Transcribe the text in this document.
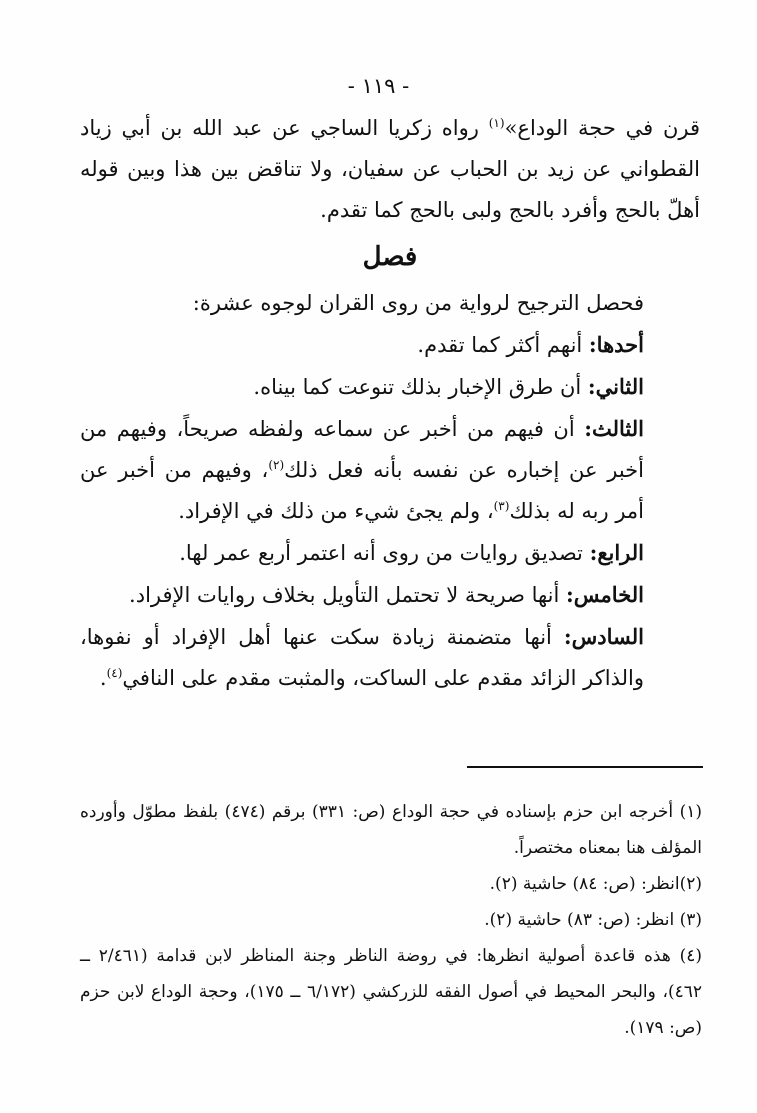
- ١١٩ -

قرن في حجة الوداع»$^{(١)}$ رواه زكريا الساجي عن عبد الله بن أبي زياد القطواني عن زيد بن الحباب عن سفيان، ولا تناقض بين هذا وبين قوله أهلّ بالحج وأفرد بالحج ولبى بالحج كما تقدم.

فصل

فحصل الترجيح لرواية من روى القران لوجوه عشرة:

أحدها: أنهم أكثر كما تقدم.

الثاني: أن طرق الإخبار بذلك تنوعت كما بيناه.

الثالث: أن فيهم من أخبر عن سماعه ولفظه صريحاً، وفيهم من أخبر عن إخباره عن نفسه بأنه فعل ذلك$^{(٢)}$، وفيهم من أخبر عن أمر ربه له بذلك$^{(٣)}$، ولم يجئ شيء من ذلك في الإفراد.

الرابع: تصديق روايات من روى أنه اعتمر أربع عمر لها.

الخامس: أنها صريحة لا تحتمل التأويل بخلاف روايات الإفراد.

السادس: أنها متضمنة زيادة سكت عنها أهل الإفراد أو نفوها، والذاكر الزائد مقدم على الساكت، والمثبت مقدم على النافي$^{(٤)}$.

(١) أخرجه ابن حزم بإسناده في حجة الوداع (ص: ٣٣١) برقم (٤٧٤) بلفظ مطوّل وأورده المؤلف هنا بمعناه مختصراً.

(٢)انظر: (ص: ٨٤) حاشية (٢).

(٣) انظر: (ص: ٨٣) حاشية (٢).

(٤) هذه قاعدة أصولية انظرها: في روضة الناظر وجنة المناظر لابن قدامة (٢/٤٦١ ــ ٤٦٢)، والبحر المحيط في أصول الفقه للزركشي (٦/١٧٢ ــ ١٧٥)، وحجة الوداع لابن حزم (ص: ١٧٩).
